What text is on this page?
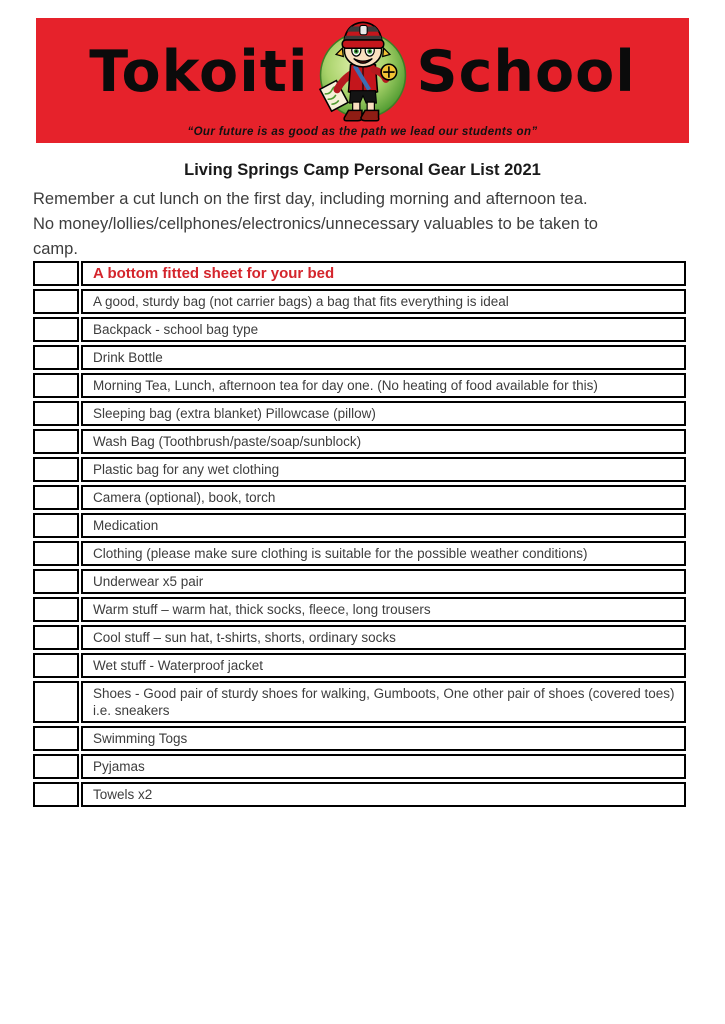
Tokoiti School
“Our future is as good as the path we lead our students on”
Living Springs Camp Personal Gear List 2021
Remember a cut lunch on the first day, including morning and afternoon tea.
No money/lollies/cellphones/electronics/unnecessary valuables to be taken to
camp.
	A bottom fitted sheet for your bed
	A good, sturdy bag (not carrier bags) a bag that fits everything is ideal
	Backpack - school bag type
	Drink Bottle
	Morning Tea, Lunch, afternoon tea for day one. (No heating of food available for this)
	Sleeping bag (extra blanket) Pillowcase (pillow)
	Wash Bag (Toothbrush/paste/soap/sunblock)
	Plastic bag for any wet clothing
	Camera (optional), book, torch
	Medication
	Clothing (please make sure clothing is suitable for the possible weather conditions)
	Underwear x5 pair
	Warm stuff – warm hat, thick socks, fleece, long trousers
	Cool stuff – sun hat, t-shirts, shorts, ordinary socks
	Wet stuff - Waterproof jacket
	Shoes - Good pair of sturdy shoes for walking, Gumboots, One other pair of shoes (covered toes) i.e. sneakers
	Swimming Togs
	Pyjamas
	Towels x2
